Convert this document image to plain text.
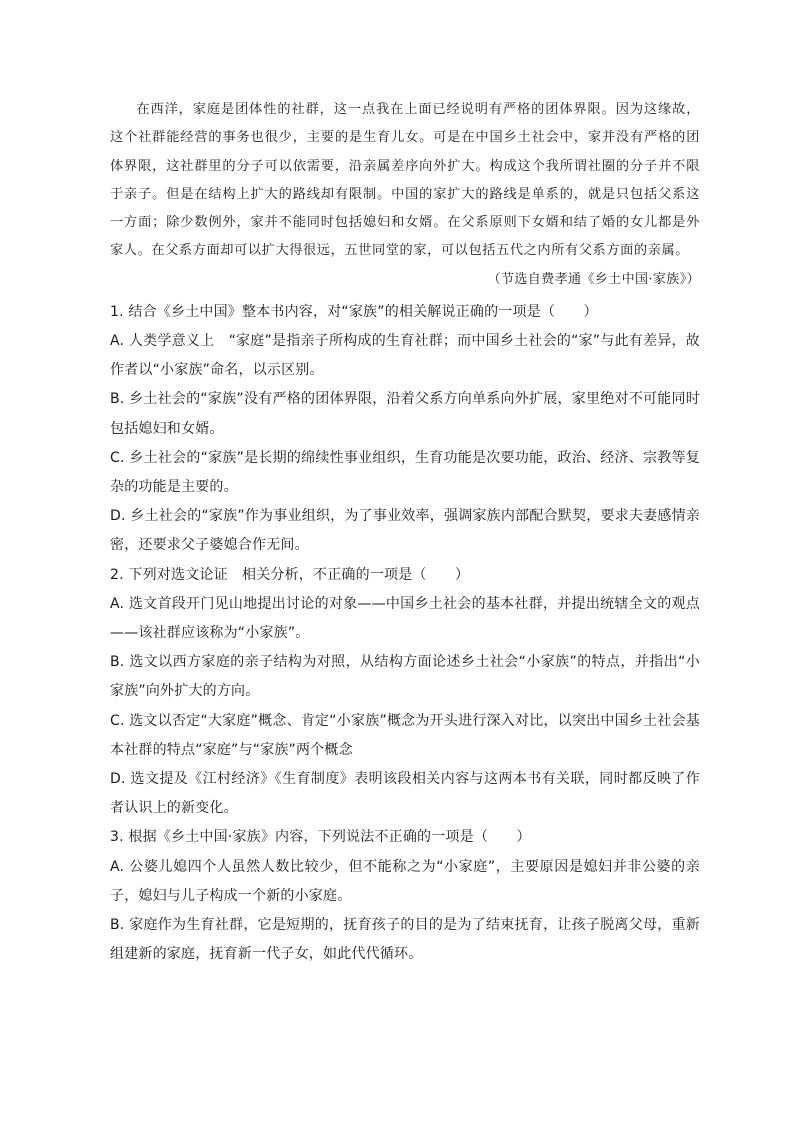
在西洋，家庭是团体性的社群，这一点我在上面已经说明有严格的团体界限。因为这缘故，这个社群能经营的事务也很少，主要的是生育儿女。可是在中国乡土社会中，家并没有严格的团体界限，这社群里的分子可以依需要，沿亲属差序向外扩大。构成这个我所谓社圈的分子并不限于亲子。但是在结构上扩大的路线却有限制。中国的家扩大的路线是单系的，就是只包括父系这一方面；除少数例外，家并不能同时包括媳妇和女婿。在父系原则下女婿和结了婚的女儿都是外家人。在父系方面却可以扩大得很远，五世同堂的家，可以包括五代之内所有父系方面的亲属。

（节选自费孝通《乡土中国·家族》）

1. 结合《乡土中国》整本书内容，对“家族”的相关解说正确的一项是（　　）

A. 人类学意义上　“家庭”是指亲子所构成的生育社群；而中国乡土社会的“家”与此有差异，故作者以“小家族”命名，以示区别。

B. 乡土社会的“家族”没有严格的团体界限，沿着父系方向单系向外扩展，家里绝对不可能同时包括媳妇和女婿。

C. 乡土社会的“家族”是长期的绵续性事业组织，生育功能是次要功能，政治、经济、宗教等复杂的功能是主要的。

D. 乡土社会的“家族”作为事业组织，为了事业效率，强调家族内部配合默契，要求夫妻感情亲密，还要求父子婆媳合作无间。

2. 下列对选文论证　相关分析，不正确的一项是（　　）

A. 选文首段开门见山地提出讨论的对象——中国乡土社会的基本社群，并提出统辖全文的观点——该社群应该称为“小家族”。

B. 选文以西方家庭的亲子结构为对照，从结构方面论述乡土社会“小家族”的特点，并指出“小家族”向外扩大的方向。

C. 选文以否定“大家庭”概念、肯定“小家族”概念为开头进行深入对比，以突出中国乡土社会基本社群的特点“家庭”与“家族”两个概念

D. 选文提及《江村经济》《生育制度》表明该段相关内容与这两本书有关联，同时都反映了作者认识上的新变化。

3. 根据《乡土中国·家族》内容，下列说法不正确的一项是（　　）

A. 公婆儿媳四个人虽然人数比较少，但不能称之为“小家庭”，主要原因是媳妇并非公婆的亲子，媳妇与儿子构成一个新的小家庭。

B. 家庭作为生育社群，它是短期的，抚育孩子的目的是为了结束抚育，让孩子脱离父母，重新组建新的家庭，抚育新一代子女，如此代代循环。
